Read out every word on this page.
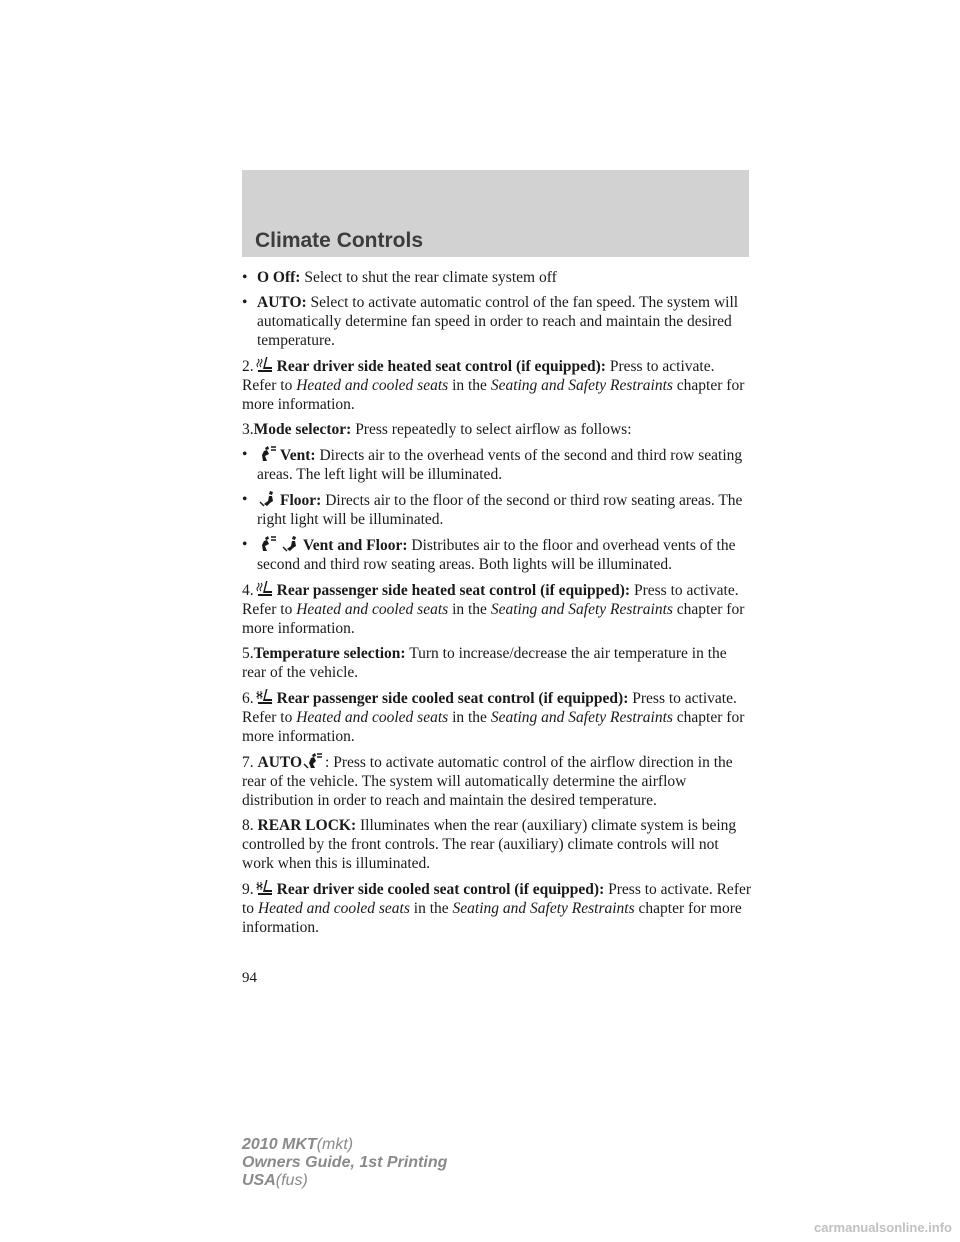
Climate Controls
• O Off: Select to shut the rear climate system off
• AUTO: Select to activate automatic control of the fan speed. The system will automatically determine fan speed in order to reach and maintain the desired temperature.

2. Rear driver side heated seat control (if equipped): Press to activate. Refer to Heated and cooled seats in the Seating and Safety Restraints chapter for more information.

3.Mode selector: Press repeatedly to select airflow as follows:

•	Vent: Directs air to the overhead vents of the second and third row seating areas. The left light will be illuminated.
•	Floor: Directs air to the floor of the second or third row seating areas. The right light will be illuminated.
•	Vent and Floor: Distributes air to the floor and overhead vents of the second and third row seating areas. Both lights will be illuminated.

4. Rear passenger side heated seat control (if equipped): Press to activate. Refer to Heated and cooled seats in the Seating and Safety Restraints chapter for more information.

5.Temperature selection: Turn to increase/decrease the air temperature in the rear of the vehicle.

6. Rear passenger side cooled seat control (if equipped): Press to activate. Refer to Heated and cooled seats in the Seating and Safety Restraints chapter for more information.

7. AUTO : Press to activate automatic control of the airflow direction in the rear of the vehicle. The system will automatically determine the airflow distribution in order to reach and maintain the desired temperature.

8. REAR LOCK: Illuminates when the rear (auxiliary) climate system is being controlled by the front controls. The rear (auxiliary) climate controls will not work when this is illuminated.

9. Rear driver side cooled seat control (if equipped): Press to activate. Refer to Heated and cooled seats in the Seating and Safety Restraints chapter for more information.

94
2010 MKT(mkt)
Owners Guide, 1st Printing
USA(fus)
carmanualsonline.info
